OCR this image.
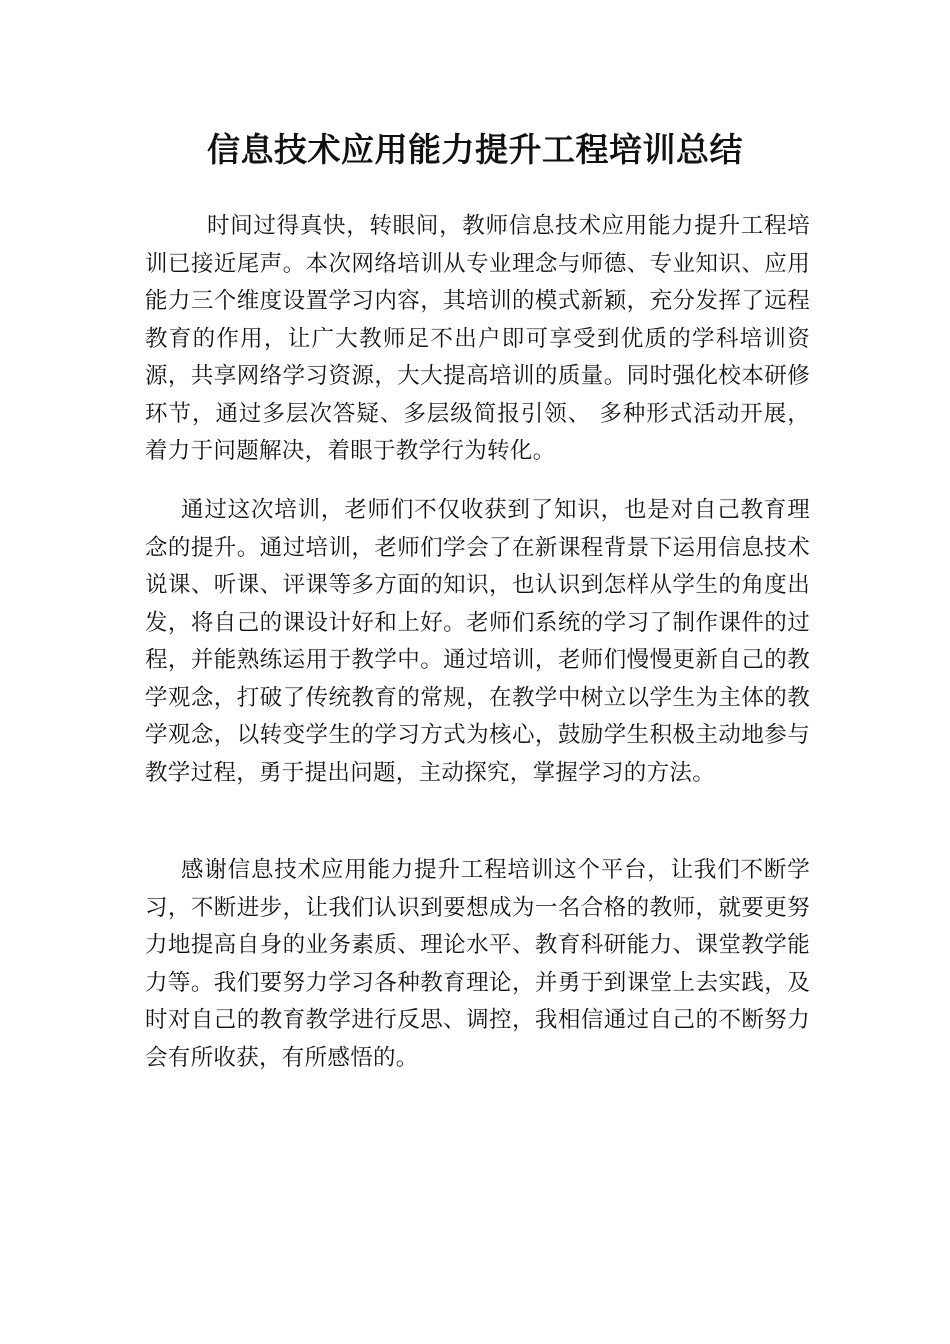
信息技术应用能力提升工程培训总结

时间过得真快，转眼间，教师信息技术应用能力提升工程培训已接近尾声。本次网络培训从专业理念与师德、专业知识、应用能力三个维度设置学习内容，其培训的模式新颖，充分发挥了远程教育的作用，让广大教师足不出户即可享受到优质的学科培训资源，共享网络学习资源，大大提高培训的质量。同时强化校本研修环节，通过多层次答疑、多层级简报引领、 多种形式活动开展，着力于问题解决，着眼于教学行为转化。

通过这次培训，老师们不仅收获到了知识，也是对自己教育理念的提升。通过培训，老师们学会了在新课程背景下运用信息技术说课、听课、评课等多方面的知识，也认识到怎样从学生的角度出发，将自己的课设计好和上好。老师们系统的学习了制作课件的过程，并能熟练运用于教学中。通过培训，老师们慢慢更新自己的教学观念，打破了传统教育的常规，在教学中树立以学生为主体的教学观念，以转变学生的学习方式为核心，鼓励学生积极主动地参与教学过程，勇于提出问题，主动探究，掌握学习的方法。

感谢信息技术应用能力提升工程培训这个平台，让我们不断学习，不断进步，让我们认识到要想成为一名合格的教师，就要更努力地提高自身的业务素质、理论水平、教育科研能力、课堂教学能力等。我们要努力学习各种教育理论，并勇于到课堂上去实践，及时对自己的教育教学进行反思、调控，我相信通过自己的不断努力会有所收获，有所感悟的。
